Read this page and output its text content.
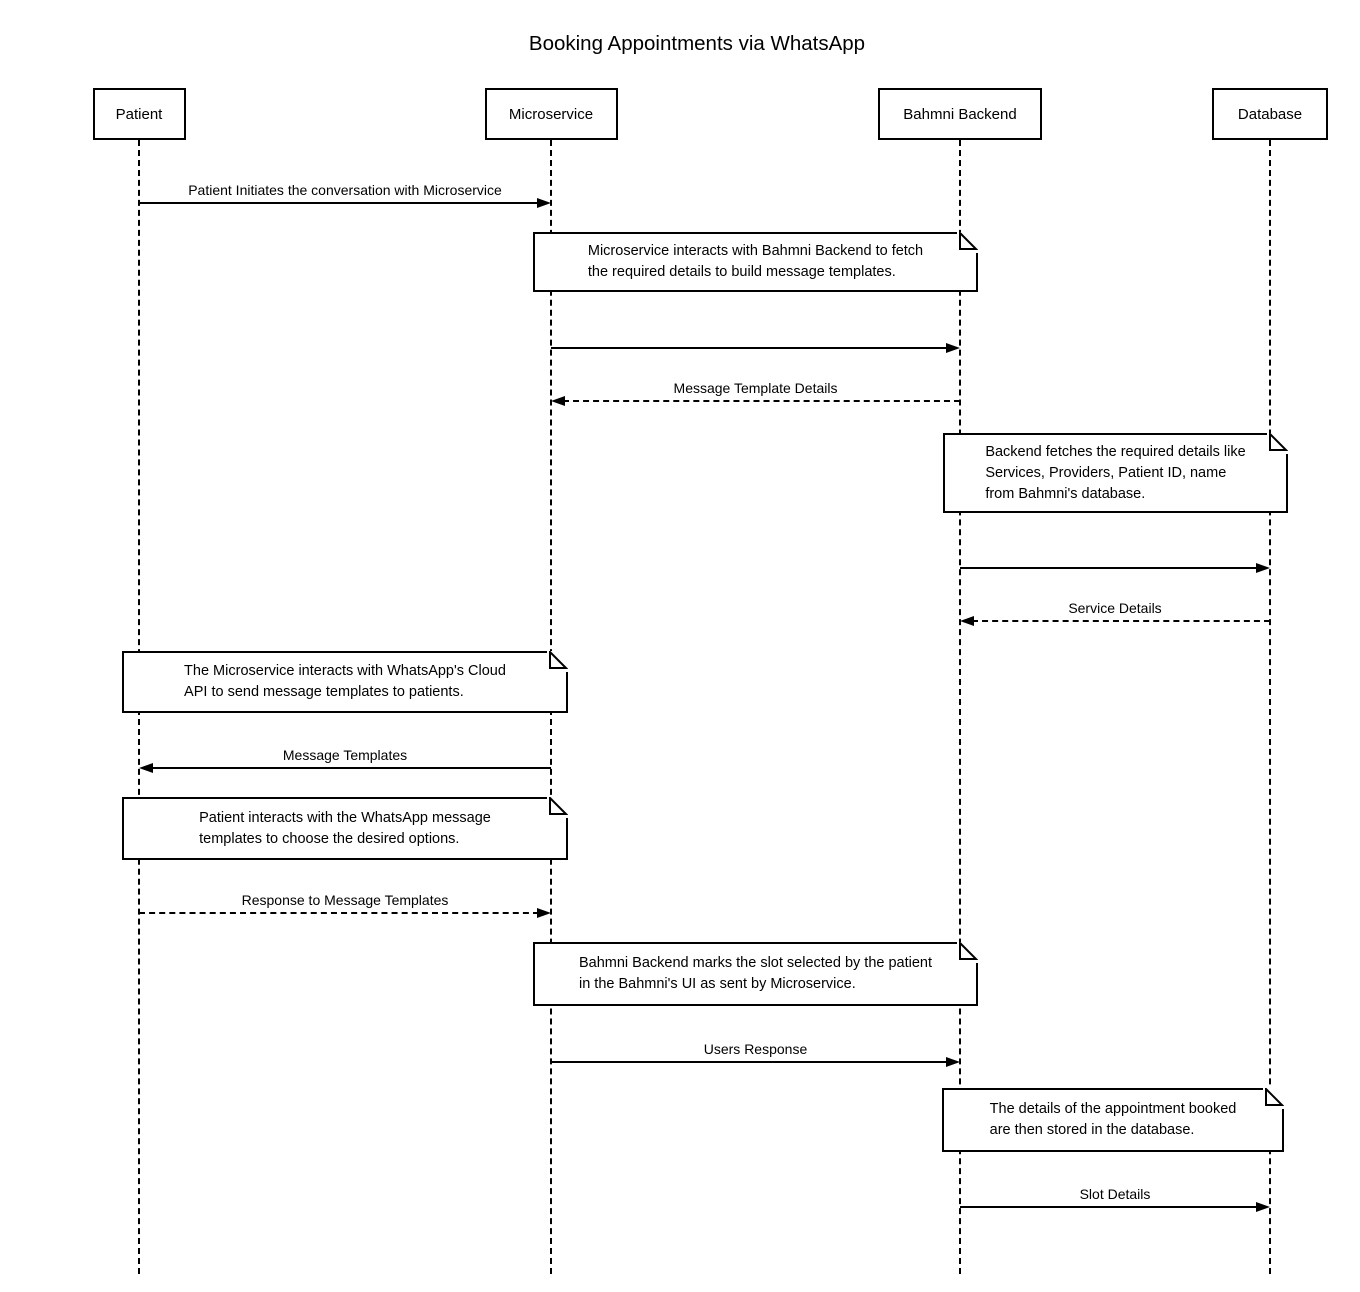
Booking Appointments via WhatsApp
Patient	Microservice	Bahmni Backend	Database
Patient Initiates the conversation with Microservice
Message Template Details
Service Details
Message Templates
Response to Message Templates
Users Response
Slot Details
Microservice interacts with Bahmni Backend to fetch
the required details to build message templates.
Backend fetches the required details like
Services, Providers, Patient ID, name
from Bahmni's database.
The Microservice interacts with WhatsApp's Cloud
API to send message templates to patients.
Patient interacts with the WhatsApp message
templates to choose the desired options.
Bahmni Backend marks the slot selected by the patient
in the Bahmni's UI as sent by Microservice.
The details of the appointment booked
are then stored in the database.
